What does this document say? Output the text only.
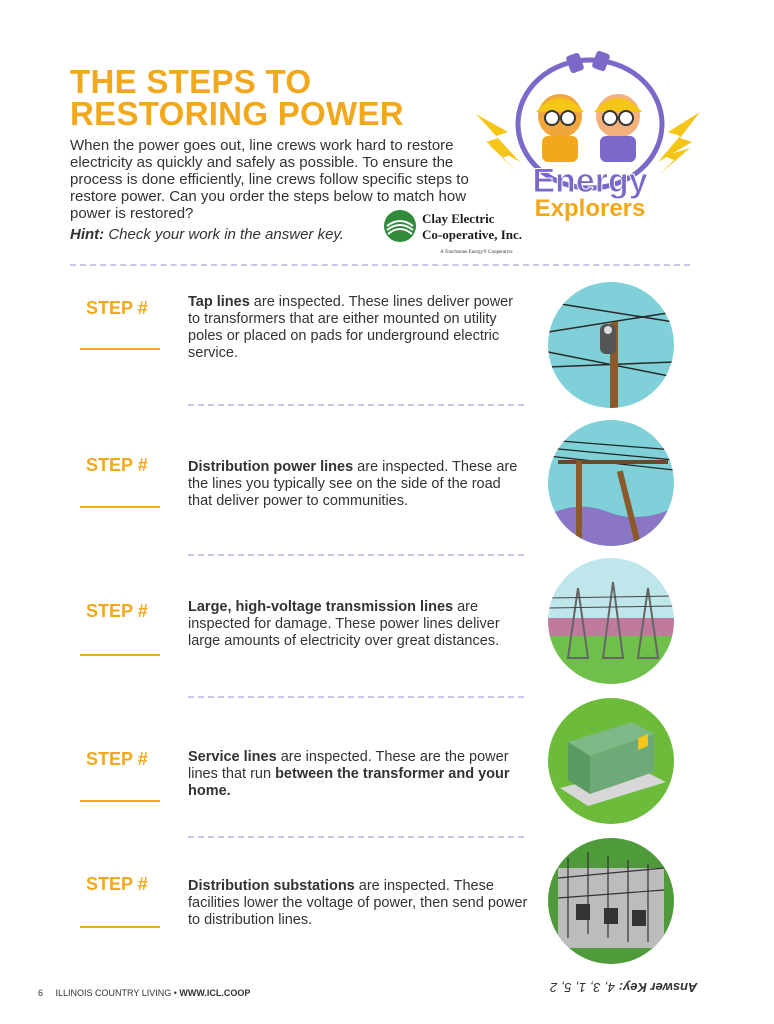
THE STEPS TO
RESTORING POWER

When the power goes out, line crews work hard to restore electricity as quickly and safely as possible. To ensure the process is done efficiently, line crews follow specific steps to restore power. Can you order the steps below to match how power is restored?

Hint: Check your work in the answer key.
Energy
Explorers
Clay Electric
Co-operative, Inc.
A Touchstone Energy® Cooperative
STEP #	Tap lines are inspected. These lines deliver power to transformers that are either mounted on utility poles or placed on pads for underground electric service.

STEP #	Distribution power lines are inspected. These are the lines you typically see on the side of the road that deliver power to communities.

STEP #	Large, high-voltage transmission lines are inspected for damage. These power lines deliver large amounts of electricity over great distances.

STEP #	Service lines are inspected. These are the power lines that run between the transformer and your home.

STEP #	Distribution substations are inspected. These facilities lower the voltage of power, then send power to distribution lines.

6 ILLINOIS COUNTRY LIVING • WWW.ICL.COOP	Answer Key: 4, 3, 1, 5, 2
